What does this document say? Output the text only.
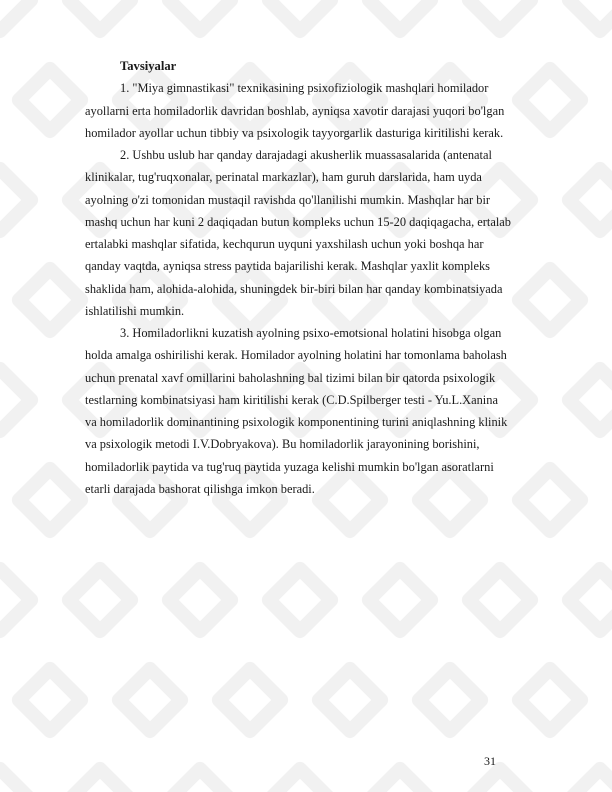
Tavsiyalar
1. "Miya gimnastikasi" texnikasining psixofiziologik mashqlari homilador
ayollarni erta homiladorlik davridan boshlab, ayniqsa xavotir darajasi yuqori bo'lgan
homilador ayollar uchun tibbiy va psixologik tayyorgarlik dasturiga kiritilishi kerak.
2. Ushbu uslub har qanday darajadagi akusherlik muassasalarida (antenatal
klinikalar, tug'ruqxonalar, perinatal markazlar), ham guruh darslarida, ham uyda
ayolning o'zi tomonidan mustaqil ravishda qo'llanilishi mumkin. Mashqlar har bir
mashq uchun har kuni 2 daqiqadan butun kompleks uchun 15-20 daqiqagacha, ertalab
ertalabki mashqlar sifatida, kechqurun uyquni yaxshilash uchun yoki boshqa har
qanday vaqtda, ayniqsa stress paytida bajarilishi kerak. Mashqlar yaxlit kompleks
shaklida ham, alohida-alohida, shuningdek bir-biri bilan har qanday kombinatsiyada
ishlatilishi mumkin.
3. Homiladorlikni kuzatish ayolning psixo-emotsional holatini hisobga olgan
holda amalga oshirilishi kerak. Homilador ayolning holatini har tomonlama baholash
uchun prenatal xavf omillarini baholashning bal tizimi bilan bir qatorda psixologik
testlarning kombinatsiyasi ham kiritilishi kerak (C.D.Spilberger testi - Yu.L.Xanina
va homiladorlik dominantining psixologik komponentining turini aniqlashning klinik
va psixologik metodi I.V.Dobryakova). Bu homiladorlik jarayonining borishini,
homiladorlik paytida va tug'ruq paytida yuzaga kelishi mumkin bo'lgan asoratlarni
etarli darajada bashorat qilishga imkon beradi.
31
